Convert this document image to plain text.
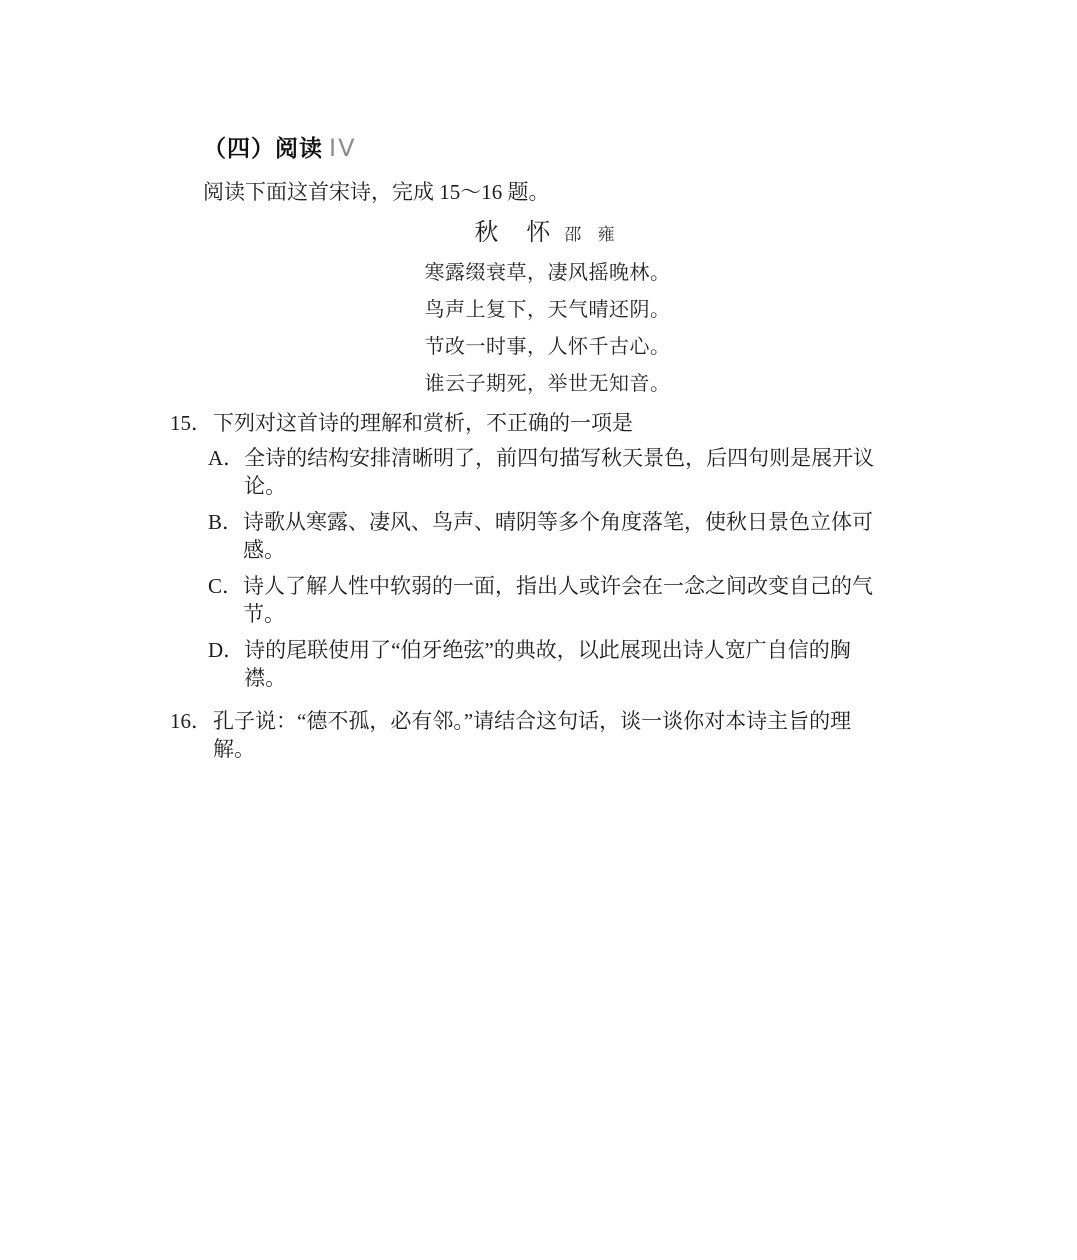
（四）阅读 IV

阅读下面这首宋诗，完成 15～16 题。

秋　怀 邵 雍
寒露缀衰草，凄风摇晚林。
鸟声上复下，天气晴还阴。
节改一时事，人怀千古心。
谁云子期死，举世无知音。
15． 下列对这首诗的理解和赏析，不正确的一项是
A． 全诗的结构安排清晰明了，前四句描写秋天景色，后四句则是展开议论。
B． 诗歌从寒露、凄风、鸟声、晴阴等多个角度落笔，使秋日景色立体可感。
C． 诗人了解人性中软弱的一面，指出人或许会在一念之间改变自己的气节。
D． 诗的尾联使用了“伯牙绝弦”的典故，以此展现出诗人宽广自信的胸襟。
16． 孔子说：“德不孤，必有邻。”请结合这句话，谈一谈你对本诗主旨的理解。
